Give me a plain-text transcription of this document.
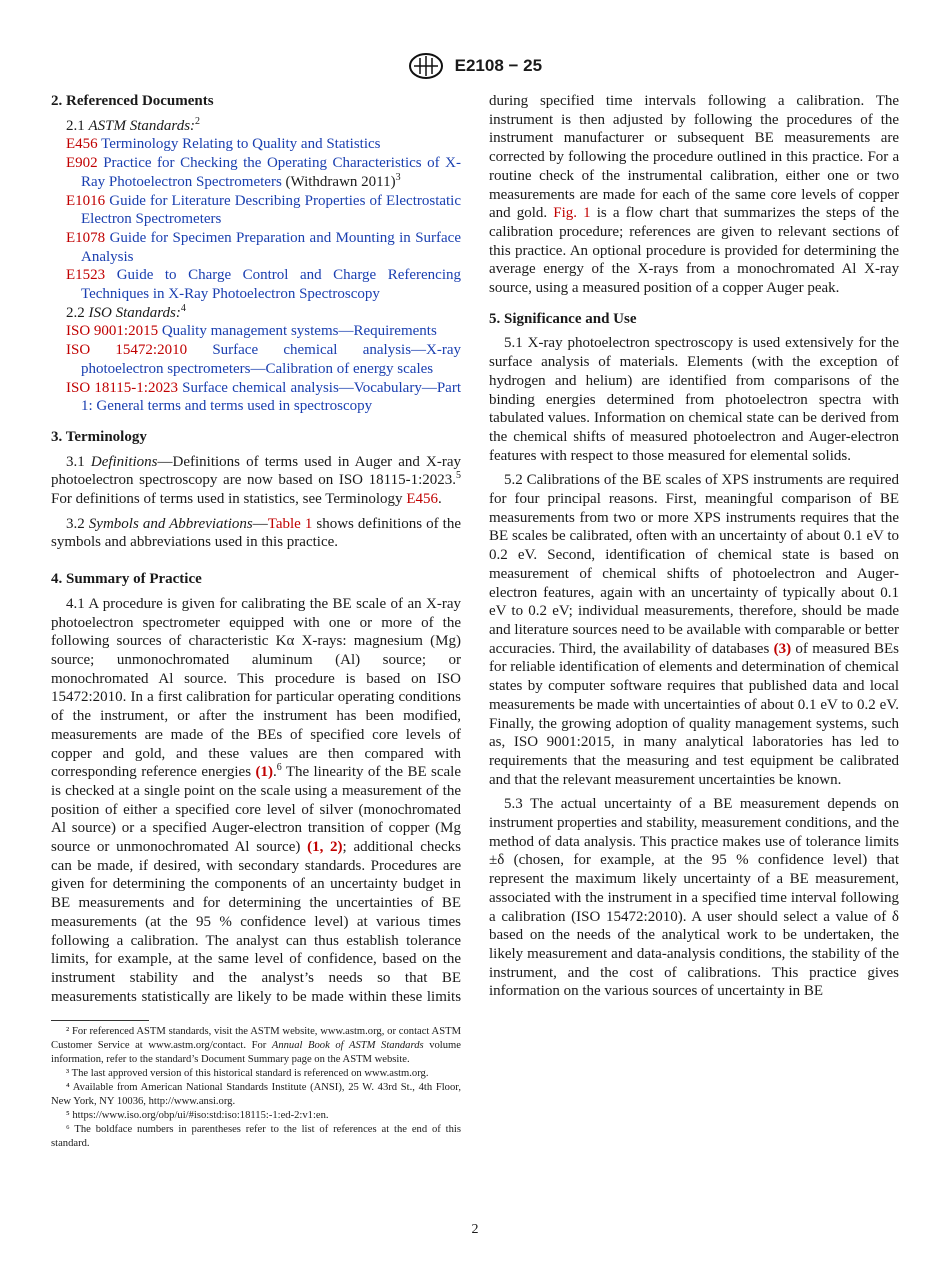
E2108 − 25
2. Referenced Documents

2.1 ASTM Standards:$^2$

E456 Terminology Relating to Quality and Statistics

E902 Practice for Checking the Operating Characteristics of X-Ray Photoelectron Spectrometers (Withdrawn 2011)$^3$

E1016 Guide for Literature Describing Properties of Electrostatic Electron Spectrometers

E1078 Guide for Specimen Preparation and Mounting in Surface Analysis

E1523 Guide to Charge Control and Charge Referencing Techniques in X-Ray Photoelectron Spectroscopy

2.2 ISO Standards:$^4$

ISO 9001:2015 Quality management systems—Requirements

ISO 15472:2010 Surface chemical analysis—X-ray photoelectron spectrometers—Calibration of energy scales

ISO 18115-1:2023 Surface chemical analysis—Vocabulary—Part 1: General terms and terms used in spectroscopy

3. Terminology

3.1 Definitions—Definitions of terms used in Auger and X-ray photoelectron spectroscopy are now based on ISO 18115-1:2023.$^5$ For definitions of terms used in statistics, see Terminology E456.

3.2 Symbols and Abbreviations—Table 1 shows definitions of the symbols and abbreviations used in this practice.

4. Summary of Practice

4.1 A procedure is given for calibrating the BE scale of an X-ray photoelectron spectrometer equipped with one or more of the following sources of characteristic Kα X-rays: magnesium (Mg) source; unmonochromated aluminum (Al) source; or monochromated Al source. This procedure is based on ISO 15472:2010. In a first calibration for particular operating conditions of the instrument, or after the instrument has been modified, measurements are made of the BEs of specified core levels of copper and gold, and these values are then compared with corresponding reference energies (1).$^6$ The linearity of the BE scale is checked at a single point on the scale using a measurement of the position of either a specified core level of silver (monochromated Al source) or a specified Auger-electron transition of copper (Mg source or unmonochromated Al source) (1, 2); additional checks can be made, if desired, with secondary standards. Procedures are given for determining the components of an uncertainty budget in BE measurements and for determining the uncertainties of BE measurements (at the 95 % confidence level) at various times following a calibration. The analyst can thus establish tolerance limits, for example, at the same level of confidence, based on the instrument stability and the analyst’s needs so that BE measurements statistically are likely to be made within these limits

² For referenced ASTM standards, visit the ASTM website, www.astm.org, or contact ASTM Customer Service at www.astm.org/contact. For Annual Book of ASTM Standards volume information, refer to the standard’s Document Summary page on the ASTM website.

³ The last approved version of this historical standard is referenced on www.astm.org.

⁴ Available from American National Standards Institute (ANSI), 25 W. 43rd St., 4th Floor, New York, NY 10036, http://www.ansi.org.

⁵ https://www.iso.org/obp/ui/#iso:std:iso:18115:-1:ed-2:v1:en.

⁶ The boldface numbers in parentheses refer to the list of references at the end of this standard.

during specified time intervals following a calibration. The instrument is then adjusted by following the procedures of the instrument manufacturer or subsequent BE measurements are corrected by following the procedure outlined in this practice. For a routine check of the instrumental calibration, either one or two measurements are made for each of the same core levels of copper and gold. Fig. 1 is a flow chart that summarizes the steps of the calibration procedure; references are given to relevant sections of this practice. An optional procedure is provided for determining the average energy of the X-rays from a monochromated Al X-ray source, using a measured position of a copper Auger peak.
5. Significance and Use

5.1 X-ray photoelectron spectroscopy is used extensively for the surface analysis of materials. Elements (with the exception of hydrogen and helium) are identified from comparisons of the binding energies determined from photoelectron spectra with tabulated values. Information on chemical state can be derived from the chemical shifts of measured photoelectron and Auger-electron features with respect to those measured for elemental solids.

5.2 Calibrations of the BE scales of XPS instruments are required for four principal reasons. First, meaningful comparison of BE measurements from two or more XPS instruments requires that the BE scales be calibrated, often with an uncertainty of about 0.1 eV to 0.2 eV. Second, identification of chemical state is based on measurement of chemical shifts of photoelectron and Auger-electron features, again with an uncertainty of typically about 0.1 eV to 0.2 eV; individual measurements, therefore, should be made and literature sources need to be available with comparable or better accuracies. Third, the availability of databases (3) of measured BEs for reliable identification of elements and determination of chemical states by computer software requires that published data and local measurements be made with uncertainties of about 0.1 eV to 0.2 eV. Finally, the growing adoption of quality management systems, such as, ISO 9001:2015, in many analytical laboratories has led to requirements that the measuring and test equipment be calibrated and that the relevant measurement uncertainties be known.

5.3 The actual uncertainty of a BE measurement depends on instrument properties and stability, measurement conditions, and the method of data analysis. This practice makes use of tolerance limits ±δ (chosen, for example, at the 95 % confidence level) that represent the maximum likely uncertainty of a BE measurement, associated with the instrument in a specified time interval following a calibration (ISO 15472:2010). A user should select a value of δ based on the needs of the analytical work to be undertaken, the likely measurement and data-analysis conditions, the stability of the instrument, and the cost of calibrations. This practice gives information on the various sources of uncertainty in BE

2
